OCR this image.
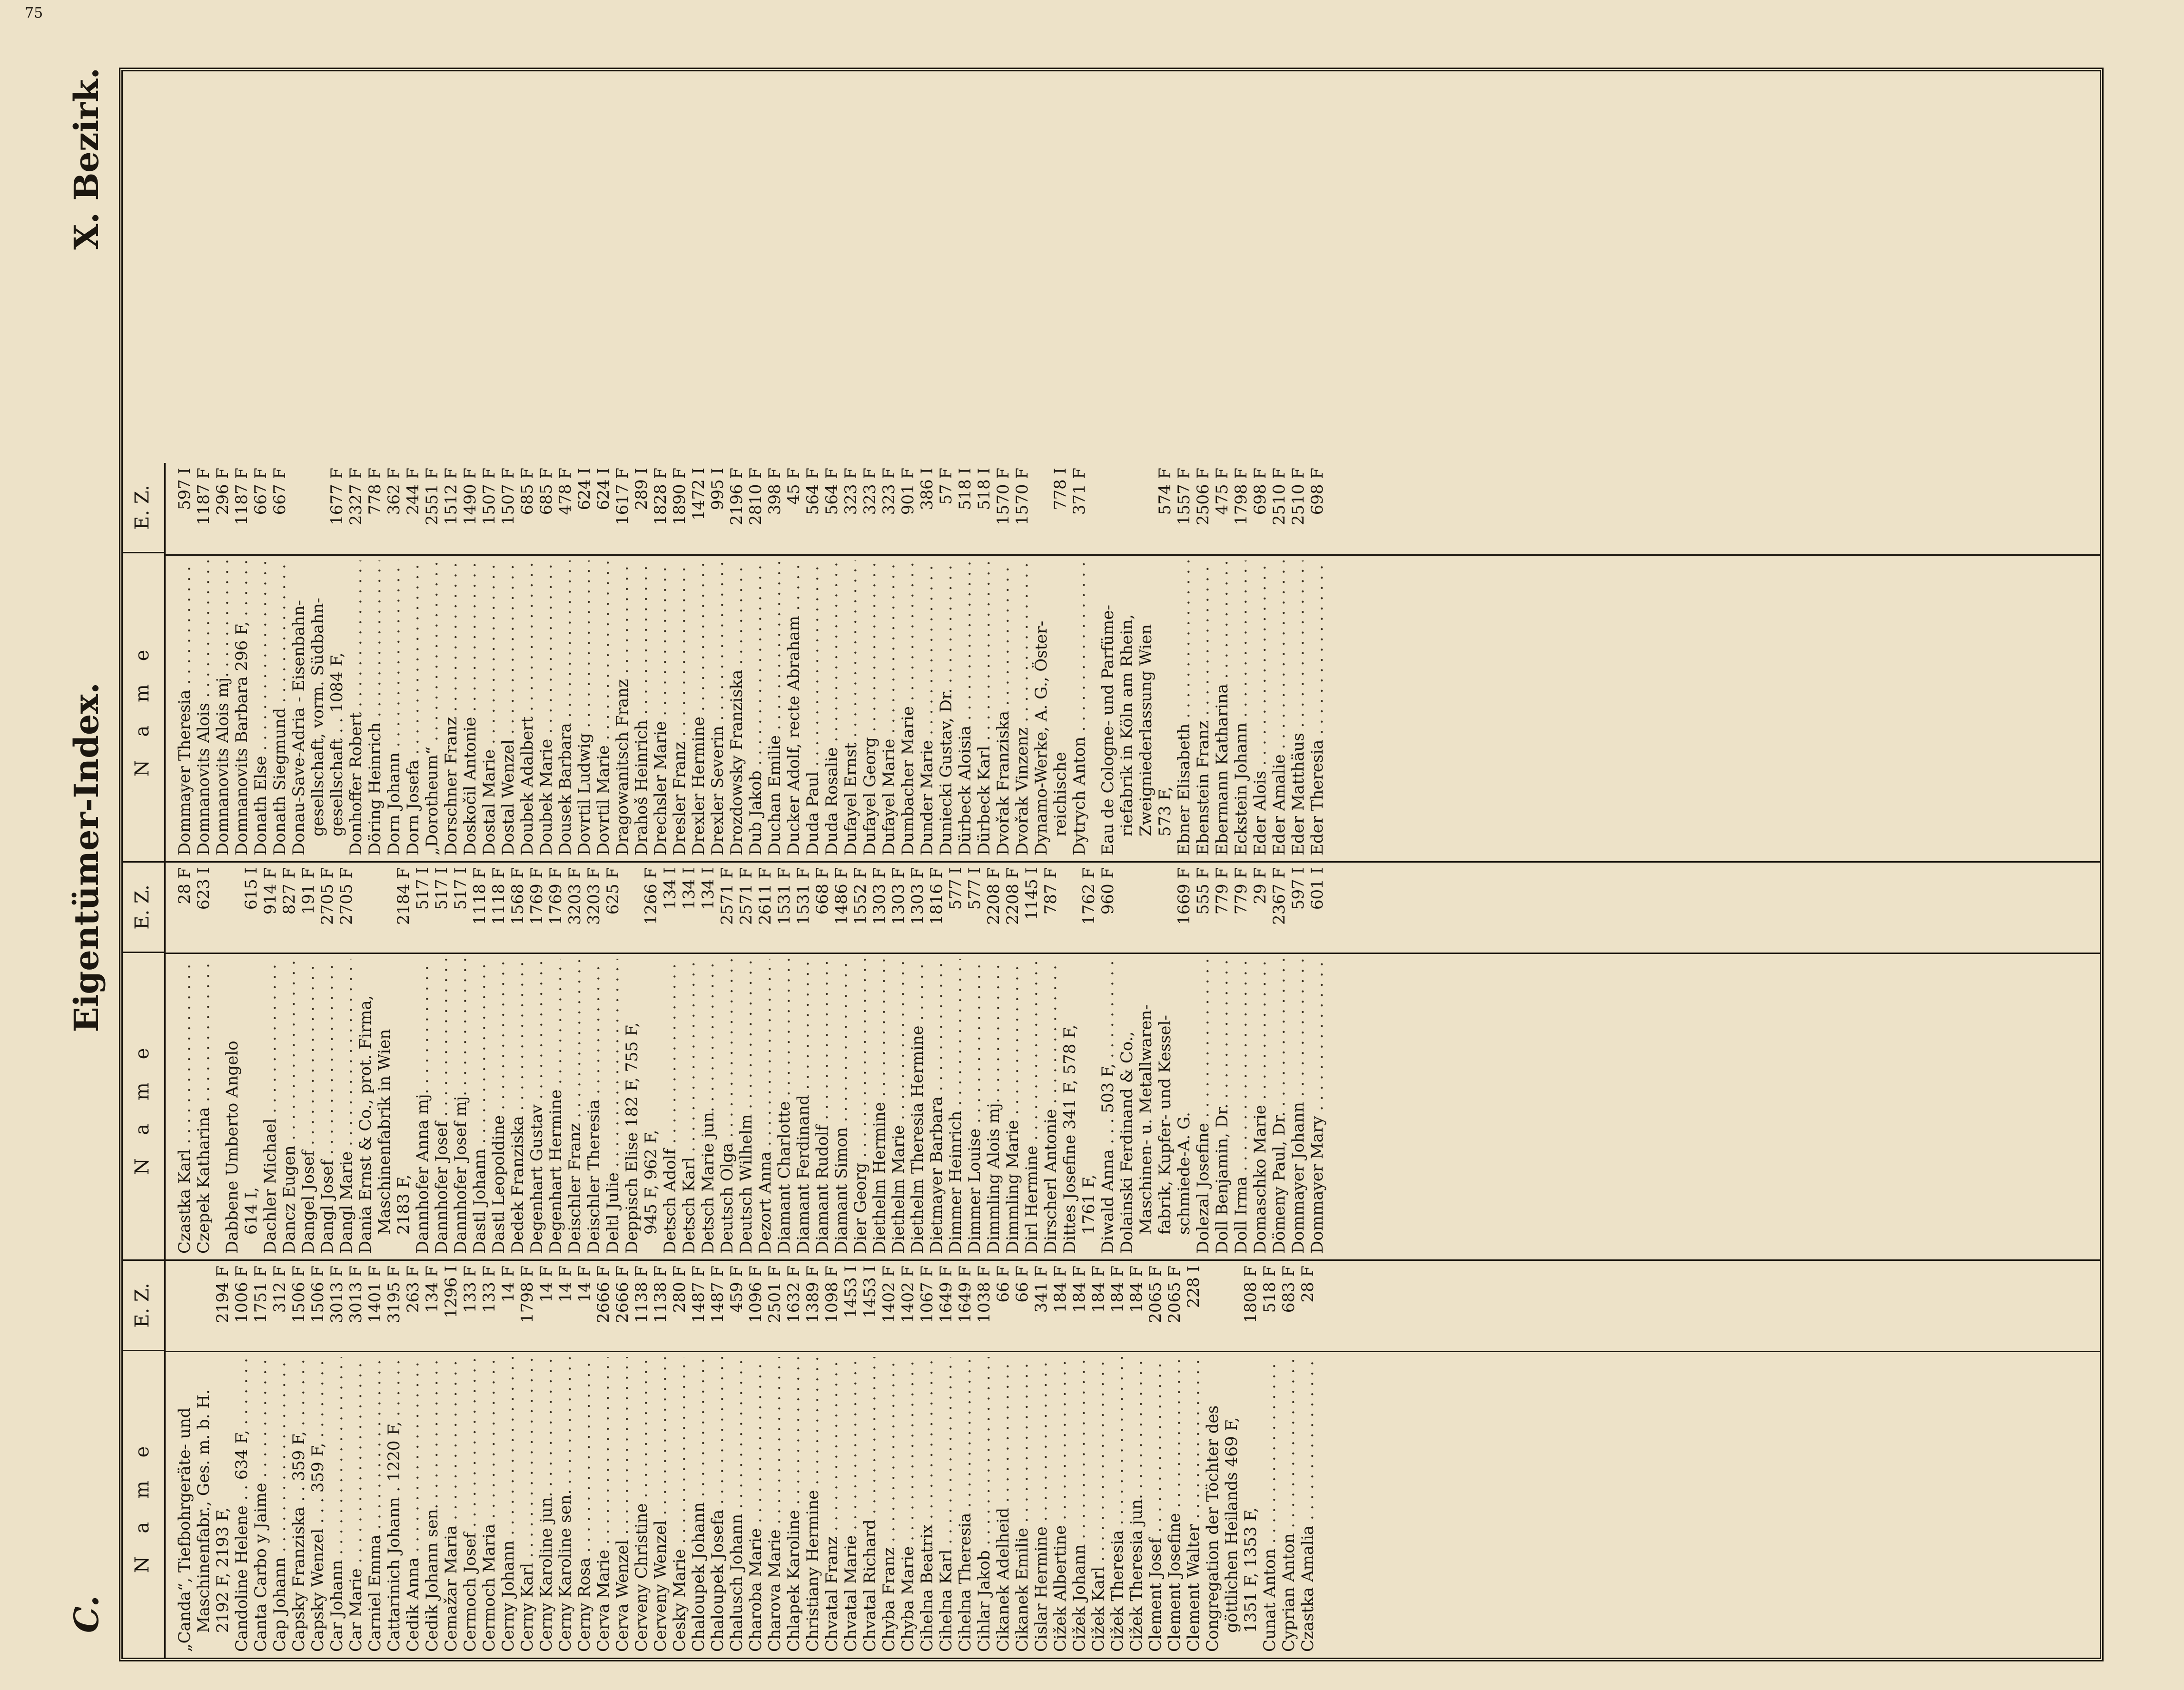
75
C.
Eigentümer-Index.
X. Bezirk.
N a m e
E. Z.
„Canda“, Tiefbohrgeräte- und Maschinenfabr., Ges. m. b. H. 2192 F, 2193 F,
2194 F
Candoline Helene . . 634 F, . . .
1006 F
Canta Carbo y Jaime . . .
1751 F
Cap Johann . . .
312 F
Capsky Franziska . . 359 F, . . .
1506 F
Capsky Wenzel . . . 359 F, . . .
1506 F
Car Johann . . .
3013 F
Car Marie . . .
3013 F
Carniel Emma . . .
1401 F
Cattarinich Johann . 1220 F, . . .
3195 F
Cedik Anna . . .
263 F
Cedik Johann sen. . . .
134 F
Cemažar Maria . . .
1296 I
Cermoch Josef . . .
133 F
Cermoch Maria . . .
133 F
Cerny Johann . . .
14 F
Cerny Karl . . .
1798 F
Cerny Karoline jun. . . .
14 F
Cerny Karoline sen. . . .
14 F
Cerny Rosa . . .
14 F
Cerva Marie . . .
2666 F
Cerva Wenzel . . .
2666 F
Cerveny Christine . . .
1138 F
Cerveny Wenzel . . .
1138 F
Cesky Marie . . .
280 F
Chaloupek Johann . . .
1487 F
Chaloupek Josefa . . .
1487 F
Chalusch Johann . . .
459 F
Charoba Marie . . .
1096 F
Charova Marie . . .
2501 F
Chlapek Karoline . . .
1632 F
Christiany Hermine . . .
1389 F
Chvatal Franz . . .
1098 F
Chvatal Marie . . .
1453 I
Chvatal Richard . . .
1453 I
Chyba Franz . . .
1402 F
Chyba Marie . . .
1402 F
Cihelna Beatrix . . .
1067 F
Cihelna Karl . . .
1649 F
Cihelna Theresia . . .
1649 F
Cihlar Jakob . . .
1038 F
Cikanek Adelheid . . .
66 F
Cikanek Emilie . . .
66 F
Cislar Hermine . . .
341 F
Cižek Albertine . . .
184 F
Cižek Johann . . .
184 F
Cižek Karl . . .
184 F
Cižek Theresia . . .
184 F
Cižek Theresia jun. . . .
184 F
Clement Josef . . .
2065 F
Clement Josefine . . .
2065 F
Clement Walter . . .
228 I
Congregation der Töchter des göttlichen Heilands 469 F, 1351 F, 1353 F,
1808 F
Cunat Anton . . .
518 F
Cyprian Anton . . .
683 F
Czastka Amalia . . .
28 F
N a m e
E. Z.
Czastka Karl . . .
28 F
Czepek Katharina . . .
623 I
Dabbene Umberto Angelo 614 I,
615 I
Dachler Michael . . .
914 F
Dancz Eugen . . .
827 F
Dangel Josef . . .
191 F
Dangl Josef . . .
2705 F
Dangl Marie . . .
2705 F
Dania Ernst & Co., prot. Firma, Maschinenfabrik in Wien 2183 F,
2184 F
Dannhofer Anna mj. . . .
517 I
Dannhofer Josef . . .
517 I
Dannhofer Josef mj. . . .
517 I
Dastl Johann . . .
1118 F
Dastl Leopoldine . . .
1118 F
Dedek Franziska . . .
1568 F
Degenhart Gustav . . .
1769 F
Degenhart Hermine . . .
1769 F
Deischler Franz . . .
3203 F
Deischler Theresia . . .
3203 F
Deltl Julie . . .
625 F
Deppisch Elise 182 F, 755 F, 945 F, 962 F,
1266 F
Detsch Adolf . . .
134 I
Detsch Karl . . .
134 I
Detsch Marie jun. . . .
134 I
Deutsch Olga . . .
2571 F
Deutsch Wilhelm . . .
2571 F
Dezort Anna . . .
2611 F
Diamant Charlotte . . .
1531 F
Diamant Ferdinand . . .
1531 F
Diamant Rudolf . . .
668 F
Diamant Simon . . .
1486 F
Dier Georg . . .
1552 F
Diethelm Hermine . . .
1303 F
Diethelm Marie . . .
1303 F
Diethelm Theresia Hermine . . .
1303 F
Dietmayer Barbara . . .
1816 F
Dimmer Heinrich . . .
577 I
Dimmer Louise . . .
577 I
Dimmling Alois mj. . . .
2208 F
Dimmling Marie . . .
2208 F
Dirl Hermine . . .
1145 I
Dirscherl Antonie . . .
787 F
Dittes Josefine 341 F, 578 F, 1761 F,
1762 F
Diwald Anna . . . 503 F, . . .
960 F
Dolainski Ferdinand & Co., Maschinen- u. Metallwaren- fabrik, Kupfer- und Kessel- schmiede-A. G.
1669 F
Dolezal Josefine . . .
555 F
Doll Benjamin, Dr. . . .
779 F
Doll Irma . . .
779 F
Domaschko Marie . . .
29 F
Dömeny Paul, Dr. . . .
2367 F
Dommayer Johann . . .
597 I
Dommayer Mary . . .
601 I
N a m e
E. Z.
Dommayer Theresia . . .
597 I
Domnanovits Alois . . .
1187 F
Domnanovits Alois mj. . . .
296 F
Domnanovits Barbara 296 F, . . .
1187 F
Donath Else . . .
667 F
Donath Siegmund . . .
667 F
Donau-Save-Adria - Eisenbahn- gesellschaft, vorm. Südbahn- gesellschaft . . 1084 F,
1677 F
Donhoffer Robert . . .
2327 F
Döring Heinrich . . .
778 F
Dorn Johann . . .
362 F
Dorn Josefa . . .
244 F
„Dorotheum“ . . .
2551 F
Dorschner Franz . . .
1512 F
Doskočil Antonie . . .
1490 F
Dostal Marie . . .
1507 F
Dostal Wenzel . . .
1507 F
Doubek Adalbert . . .
685 F
Doubek Marie . . .
685 F
Dousek Barbara . . .
478 F
Dovrtil Ludwig . . .
624 I
Dovrtil Marie . . .
624 I
Dragowanitsch Franz . . .
1617 F
Drahoš Heinrich . . .
289 I
Drechsler Marie . . .
1828 F
Dresler Franz . . .
1890 F
Drexler Hermine . . .
1472 I
Drexler Severin . . .
995 I
Drozdowsky Franziska . . .
2196 F
Dub Jakob . . .
2810 F
Duchan Emilie . . .
398 F
Ducker Adolf, recte Abraham . . .
45 F
Duda Paul . . .
564 F
Duda Rosalie . . .
564 F
Dufayel Ernst . . .
323 F
Dufayel Georg . . .
323 F
Dufayel Marie . . .
323 F
Dumbacher Marie . . .
901 F
Dunder Marie . . .
386 I
Duniecki Gustav, Dr. . . .
57 F
Dürbeck Aloisia . . .
518 I
Dürbeck Karl . . .
518 I
Dvořak Franziska . . .
1570 F
Dvořak Vinzenz . . .
1570 F
Dynamo-Werke, A. G., Öster- reichische
778 I
Dytrych Anton . . .
371 F
Eau de Cologne- und Parfüme- riefabrik in Köln am Rhein, Zweigniederlassung Wien 573 F,
574 F
Ebner Elisabeth . . .
1557 F
Ebenstein Franz . . .
2506 F
Ebermann Katharina . . .
475 F
Eckstein Johann . . .
1798 F
Eder Alois . . .
698 F
Eder Amalie . . .
2510 F
Eder Matthäus . . .
2510 F
Eder Theresia . . .
698 F
